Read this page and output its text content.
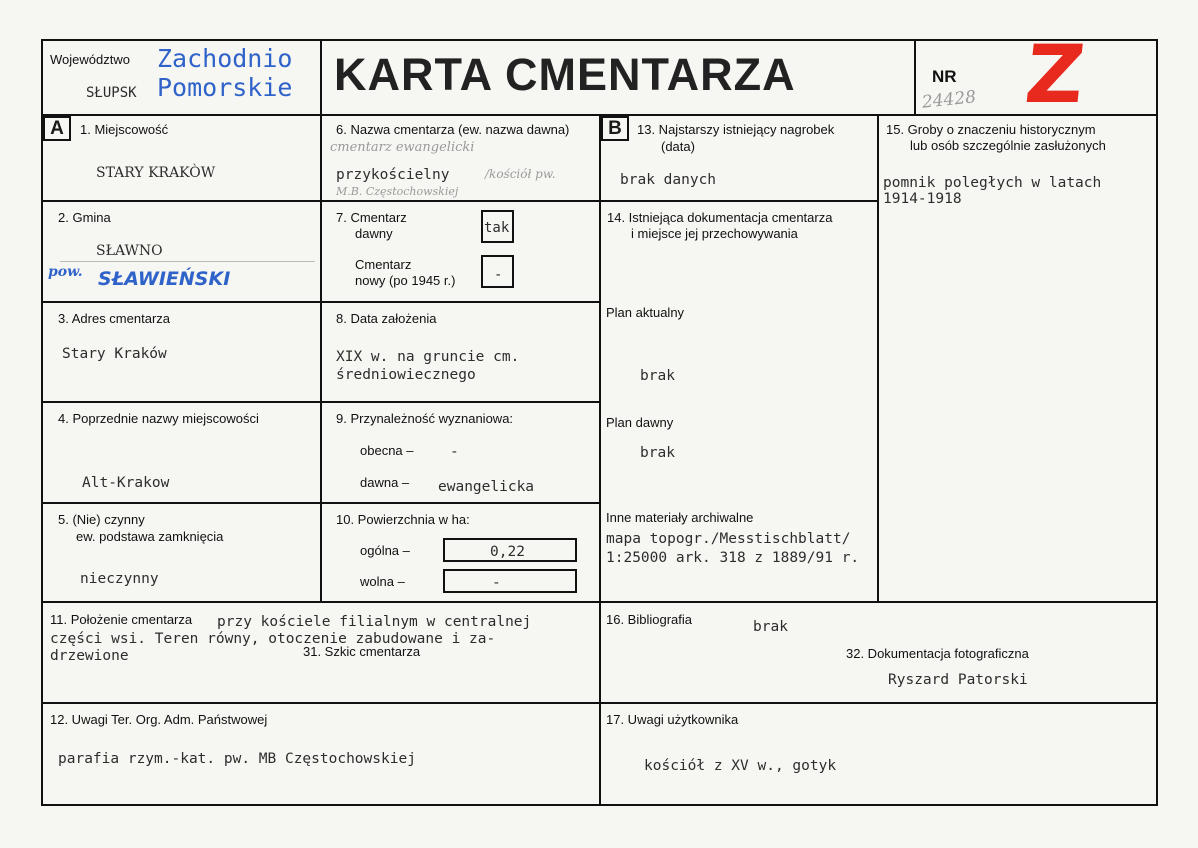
Województwo
SŁUPSK
Zachodnio
Pomorskie KARTA CMENTARZA	NR
24428 Z
A	B
1. Miejscowość
STARY KRAKÒW
2. Gmina
SŁAWNO
pow. SŁAWIEŃSKI
3. Adres cmentarza
Stary Kraków
4. Poprzednie nazwy miejscowości
Alt-Krakow
5. (Nie) czynny
ew. podstawa zamknięcia
nieczynny
6. Nazwa cmentarza (ew. nazwa dawna)
cmentarz ewangelicki
przykościelny	/kościół pw.
M.B. Częstochowskiej
7. Cmentarz
dawny	tak
Cmentarz
nowy (po 1945 r.)	-
8. Data założenia
XIX w. na gruncie cm.
średniowiecznego
9. Przynależność wyznaniowa:
obecna –	-
dawna – ewangelicka
10. Powierzchnia w ha:
ogólna –	0,22
wolna –	-
11. Położenie cmentarza przy kościele filialnym w centralnej
części wsi. Teren równy, otoczenie zabudowane i za-
drzewione	31. Szkic cmentarza
12. Uwagi Ter. Org. Adm. Państwowej
parafia rzym.-kat. pw. MB Częstochowskiej
13. Najstarszy istniejący nagrobek
(data)
brak danych
14. Istniejąca dokumentacja cmentarza
i miejsce jej przechowywania
Plan aktualny
brak
Plan dawny
brak
Inne materiały archiwalne
mapa topogr./Messtischblatt/
1:25000 ark. 318 z 1889/91 r.
15. Groby o znaczeniu historycznym
lub osób szczególnie zasłużonych
pomnik poległych w latach
1914-1918
16. Bibliografia	brak
32. Dokumentacja fotograficzna
Ryszard Patorski
17. Uwagi użytkownika
kościół z XV w., gotyk
